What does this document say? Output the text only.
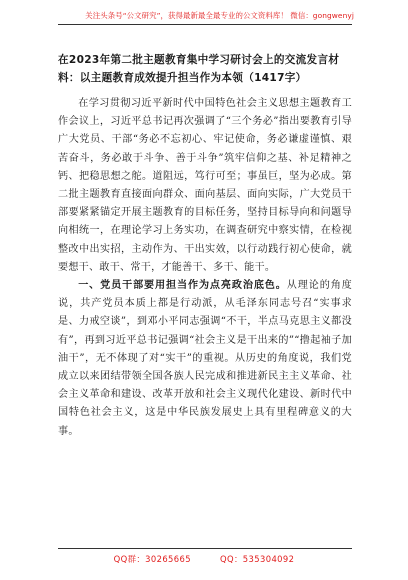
关注头条号“公文研究”，获得最新最全最专业的公文资料库！ 微信：gongwenyj
在2023年第二批主题教育集中学习研讨会上的交流发言材料：以主题教育成效提升担当作为本领（1417字）

在学习贯彻习近平新时代中国特色社会主义思想主题教育工作会议上，习近平总书记再次强调了“三个务必”指出要教育引导广大党员、干部“务必不忘初心、牢记使命，务必谦虚谨慎、艰苦奋斗，务必敢于斗争、善于斗争”筑牢信仰之基、补足精神之钙、把稳思想之舵。道阻远，笃行可至；事虽巨，坚为必成。第二批主题教育直接面向群众、面向基层、面向实际，广大党员干部要紧紧锚定开展主题教育的目标任务，坚持目标导向和问题导向相统一，在理论学习上务实功，在调查研究中察实情，在检视整改中出实招，主动作为、干出实效，以行动践行初心使命，就要想干、敢干、常干，才能善干、多干、能干。

一、党员干部要用担当作为点亮政治底色。从理论的角度说，共产党员本质上都是行动派，从毛泽东同志号召“实事求是、力戒空谈”，到邓小平同志强调“不干，半点马克思主义都没有”，再到习近平总书记强调“社会主义是干出来的”“撸起袖子加油干”，无不体现了对“实干”的重视。从历史的角度说，我们党成立以来团结带领全国各族人民完成和推进新民主主义革命、社会主义革命和建设、改革开放和社会主义现代化建设、新时代中国特色社会主义，这是中华民族发展史上具有里程碑意义的大事。

QQ群：30265665	QQ：535304092
